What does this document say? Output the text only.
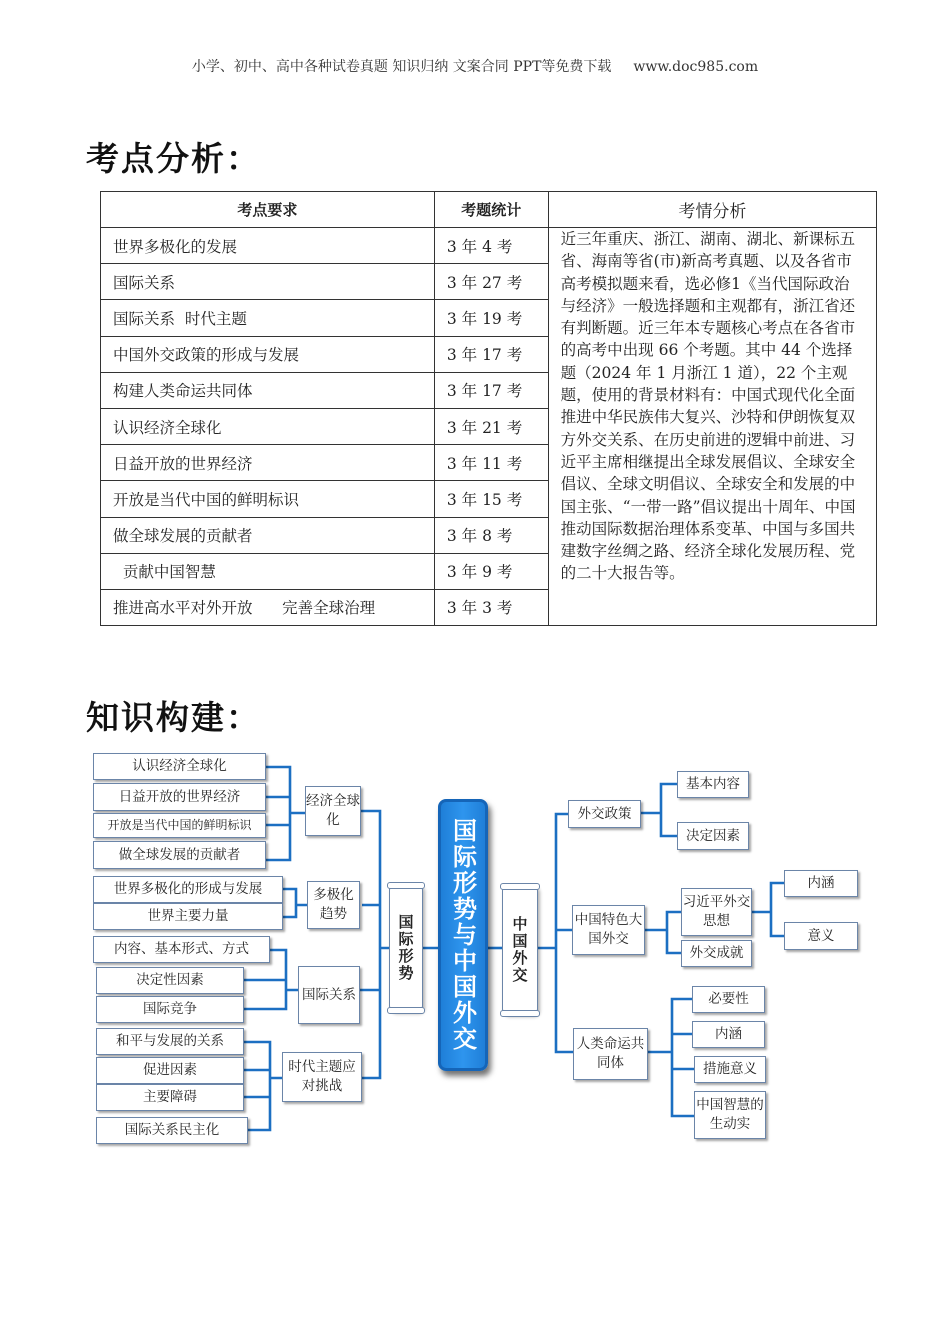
小学、初中、高中各种试卷真题 知识归纳 文案合同 PPT等免费下载 www.doc985.com
考点分析：
考点要求	考题统计	考情分析
世界多极化的发展	3 年 4 考	近三年重庆、浙江、湖南、湖北、新课标五省、海南等省(市)新高考真题、以及各省市高考模拟题来看，选必修1《当代国际政治与经济》一般选择题和主观都有，浙江省还有判断题。近三年本专题核心考点在各省市的高考中出现 66 个考题。其中 44 个选择题（2024 年 1 月浙江 1 道），22 个主观题，使用的背景材料有：中国式现代化全面推进中华民族伟大复兴、沙特和伊朗恢复双方外交关系、在历史前进的逻辑中前进、习近平主席相继提出全球发展倡议、全球安全倡议、全球文明倡议、全球安全和发展的中国主张、“一带一路”倡议提出十周年、中国推动国际数据治理体系变革、中国与多国共建数字丝绸之路、经济全球化发展历程、党的二十大报告等。
国际关系	3 年 27 考	
国际关系  时代主题	3 年 19 考	
中国外交政策的形成与发展	3 年 17 考	
构建人类命运共同体	3 年 17 考	
认识经济全球化	3 年 21 考	
日益开放的世界经济	3 年 11 考	
开放是当代中国的鲜明标识	3 年 15 考	
做全球发展的贡献者	3 年 8 考	
贡献中国智慧	3 年 9 考	
推进高水平对外开放      完善全球治理	3 年 3 考	
知识构建：
认识经济全球化
日益开放的世界经济
开放是当代中国的鲜明标识
做全球发展的贡献者
世界多极化的形成与发展
世界主要力量
内容、基本形式、方式
决定性因素
国际竞争
和平与发展的关系
促进因素
主要障碍
国际关系民主化
经济全球化
多极化趋势
国际关系
时代主题应对挑战
国际形势	国际形势与中国外交	中国外交
外交政策
中国特色大国外交
人类命运共同体
基本内容
决定因素
习近平外交思想
外交成就
内涵
意义
必要性
内涵
措施意义
中国智慧的生动实
